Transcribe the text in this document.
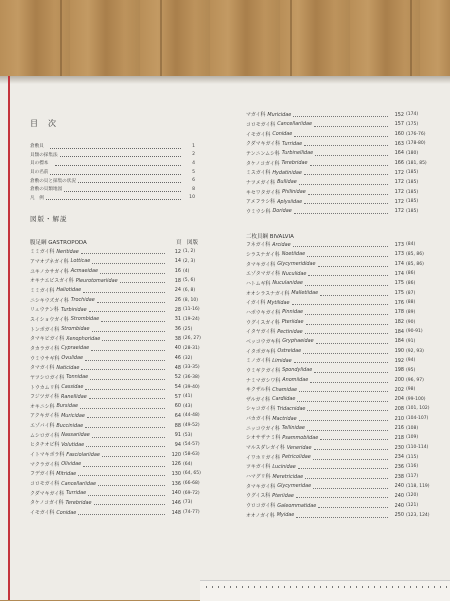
目　次
倉敷貝　	1
貝類の採集法	2
貝の標本　	4
貝の名前	5
倉敷の貝と採集の状況	6
倉敷の貝類地図	8
凡　例	10
図版・解説
腹足綱 GASTROPODA	頁 図版
ミミガイ科 Neritidae	12 (1, 2)
アマオブネガイ科 Lotticae	14 (2, 3)
ユキノカサガイ科 Acmaeidae	16 (4)
オキナエビスガイ科 Pleurotomariidae	18 (5, 6)
ミミガイ科 Haliotidae	24 (6, 8)
ニシキウズガイ科 Trochidae	26 (8, 10)
リュウテン科 Turbinidae	28 (11-16)
スイショウガイ科 Strombidae	31 (19-24)
トンボガイ科 Strombidae	36 (25)
タマキビガイ科 Xenophoridae	38 (26, 27)
タカラガイ科 Cypraeidae	40 (28-31)
ウミウサギ科 Ovulidae	46 (32)
タマガイ科 Naticidae	48 (33-35)
ヤツシロガイ科 Tonnidae	52 (36-38)
トウカムリ科 Cassidae	54 (39-40)
フジツガイ科 Ranellidae	57 (41)
オキニシ科 Bursidae	60 (43)
アクキガイ科 Muricidae	64 (44-48)
エゾバイ科 Buccinidae	88 (49-52)
ムシロガイ科 Nassariidae	91 (53)
ヒタチオビ科 Volutidae	94 (54-57)
イトマキボラ科 Fasciolariidae	120 (58-63)
マクラガイ科 Olividae	126 (64)
フデガイ科 Mitridae	130 (64, 65)
コロモガイ科 Cancellariidae	136 (66-68)
クダマキガイ科 Turridae	140 (69-72)
タケノコガイ科 Terebridae	146 (73)
イモガイ科 Conidae	148 (74-77)
マガイ科 Muricidae	152 (174)
コロモガイ科 Cancellariidae	157 (175)
イモガイ科 Conidae	160 (176-76)
クダマキガイ科 Turridae	163 (178-80)
テンニンムシ科 Turbinellidae	164 (180)
タケノコガイ科 Terebridae	166 (181, 85)
ミスガイ科 Hydatinidae	172 (185)
ナツメガイ科 Bullidae	172 (185)
キセワタガイ科 Philinidae	172 (185)
アメフラシ科 Aplysiidae	172 (185)
ウミウシ科 Doridae	172 (185)
二枚貝綱 BIVALVIA
フネガイ科 Arcidae	173 (84)
シラスナガイ科 Noetiidae	173 (85, 86)
タマキガイ科 Glycymerididae	174 (85, 86)
エゾタマガイ科 Nuculidae	174 (86)
ハトムギ科 Nuculanidae	175 (86)
オオシラスナガイ科 Malletiidae	175 (87)
イガイ科 Mytilidae	176 (88)
ハボウキガイ科 Pinnidae	178 (89)
ウグイスガイ科 Pteriidae	182 (90)
イタヤガイ科 Pectinidae	184 (90-91)
ベッコウガキ科 Gryphaeidae	184 (91)
イタボガキ科 Ostreidae	190 (92, 93)
ミノガイ科 Limidae	192 (94)
ウミギクガイ科 Spondylidae	198 (95)
ナミマガシワ科 Anomiidae	200 (96, 97)
キクザル科 Chamidae	202 (98)
ザルガイ科 Cardiidae	204 (99-100)
シャコガイ科 Tridacnidae	208 (101, 102)
バカガイ科 Mactridae	210 (104-107)
ニッコウガイ科 Tellinidae	216 (108)
シオサザナミ科 Psammobiidae	218 (109)
マルスダレガイ科 Veneridae	230 (110-114)
イワホリガイ科 Petricolidae	234 (115)
ツキガイ科 Lucinidae	236 (116)
ハマグリ科 Meretricidae	238 (117)
タマキガイ科 Glycymeridae	240 (118, 119)
ウグイス科 Pteriidae	240 (120)
ウロコガイ科 Galeommatidae	240 (121)
オオノガイ科 Myidae	250 (123, 124)
